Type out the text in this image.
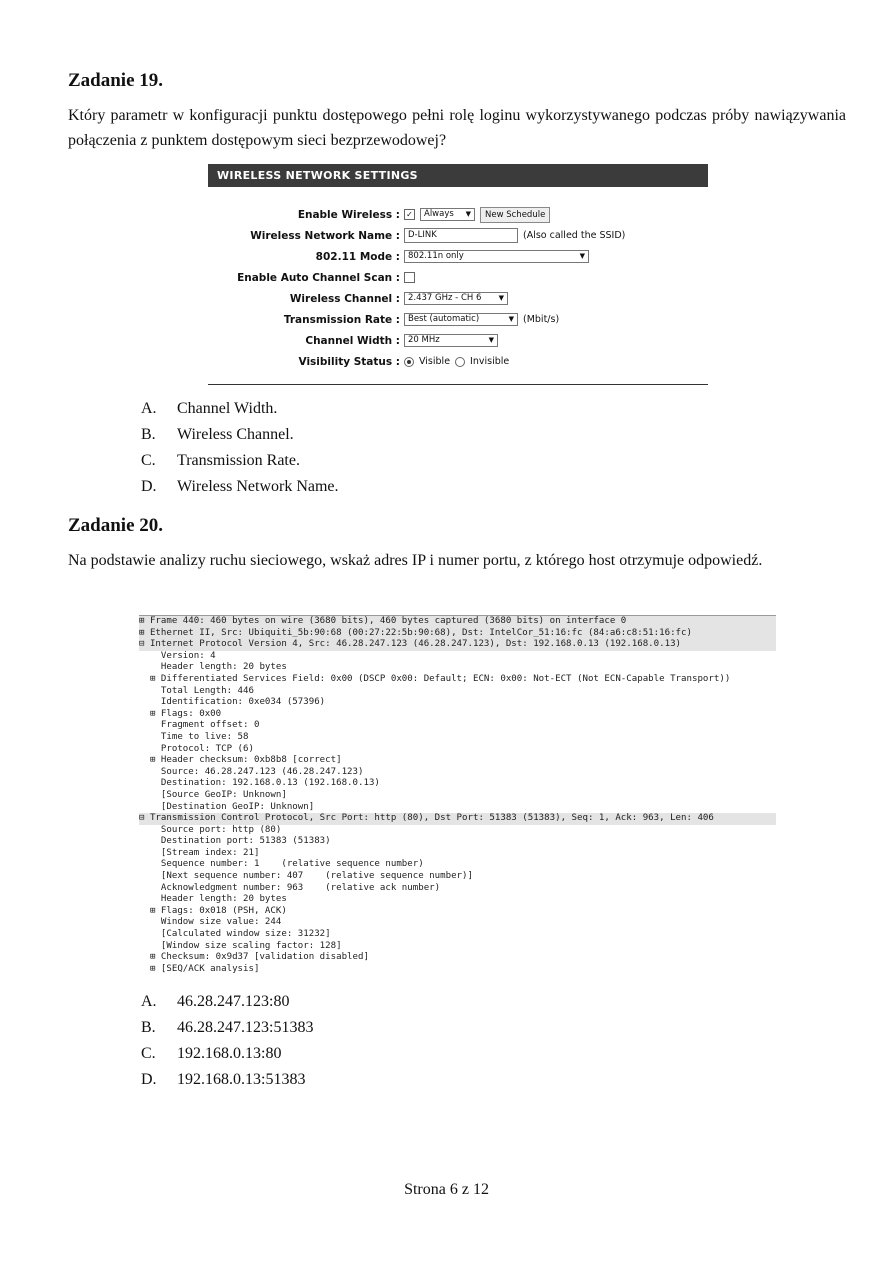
Zadanie 19.
Który parametr w konfiguracji punktu dostępowego pełni rolę loginu wykorzystywanego podczas próby nawiązywania połączenia z punktem dostępowym sieci bezprzewodowej?
WIRELESS NETWORK SETTINGS
Enable Wireless : ✓ Always ▼	New Schedule
Wireless Network Name : D-LINK	(Also called the SSID)
802.11 Mode : 802.11n only	▼
Enable Auto Channel Scan :
Wireless Channel : 2.437 GHz - CH 6 ▼
Transmission Rate : Best (automatic)	▼ (Mbit/s)
Channel Width : 20 MHz	▼
Visibility Status :	Visible Invisible
A.	Channel Width.
B.	Wireless Channel.
C.	Transmission Rate.
D.	Wireless Network Name.
Zadanie 20.
Na podstawie analizy ruchu sieciowego, wskaż adres IP i numer portu, z którego host otrzymuje odpowiedź.
⊞ Frame 440: 460 bytes on wire (3680 bits), 460 bytes captured (3680 bits) on interface 0
⊞ Ethernet II, Src: Ubiquiti_5b:90:68 (00:27:22:5b:90:68), Dst: IntelCor_51:16:fc (84:a6:c8:51:16:fc)
⊟ Internet Protocol Version 4, Src: 46.28.247.123 (46.28.247.123), Dst: 192.168.0.13 (192.168.0.13)
Version: 4
Header length: 20 bytes
⊞ Differentiated Services Field: 0x00 (DSCP 0x00: Default; ECN: 0x00: Not-ECT (Not ECN-Capable Transport))
Total Length: 446
Identification: 0xe034 (57396)
⊞ Flags: 0x00
Fragment offset: 0
Time to live: 58
Protocol: TCP (6)
⊞ Header checksum: 0xb8b8 [correct]
Source: 46.28.247.123 (46.28.247.123)
Destination: 192.168.0.13 (192.168.0.13)
[Source GeoIP: Unknown]
[Destination GeoIP: Unknown]
⊟ Transmission Control Protocol, Src Port: http (80), Dst Port: 51383 (51383), Seq: 1, Ack: 963, Len: 406
Source port: http (80)
Destination port: 51383 (51383)
[Stream index: 21]
Sequence number: 1    (relative sequence number)
[Next sequence number: 407    (relative sequence number)]
Acknowledgment number: 963    (relative ack number)
Header length: 20 bytes
⊞ Flags: 0x018 (PSH, ACK)
Window size value: 244
[Calculated window size: 31232]
[Window size scaling factor: 128]
⊞ Checksum: 0x9d37 [validation disabled]
⊞ [SEQ/ACK analysis]
A.	46.28.247.123:80
B.	46.28.247.123:51383
C.	192.168.0.13:80
D.	192.168.0.13:51383
Strona 6 z 12
